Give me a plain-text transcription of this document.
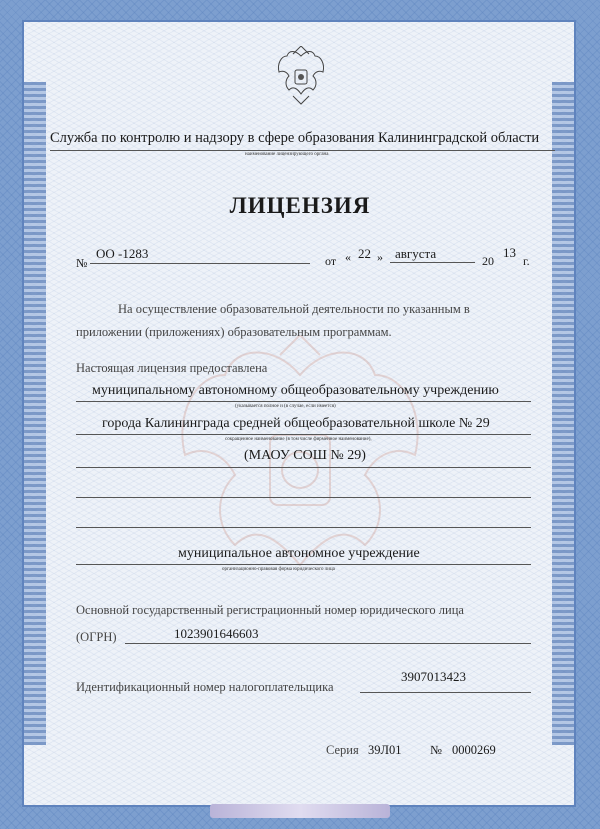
Служба по контролю и надзору в сфере образования Калининградской области
наименование лицензирующего органа
ЛИЦЕНЗИЯ
№
ОО -1283	от « 22 » августа	20
13
г.
На осуществление образовательной деятельности по указанным в
приложении (приложениях) образовательным программам.
Настоящая лицензия предоставлена
муниципальному автономному общеобразовательному учреждению
(указывается полное и (в случае, если имеется)
города Калининграда средней общеобразовательной школе № 29
сокращенное наименование (в том числе фирменное наименование),
(МАОУ СОШ № 29)
муниципальное автономное учреждение
организационно-правовая форма юридического лица
Основной государственный регистрационный номер юридического лица
(ОГРН)	1023901646603
Идентификационный номер налогоплательщика
3907013423
Серия 39Л01 № 0000269
